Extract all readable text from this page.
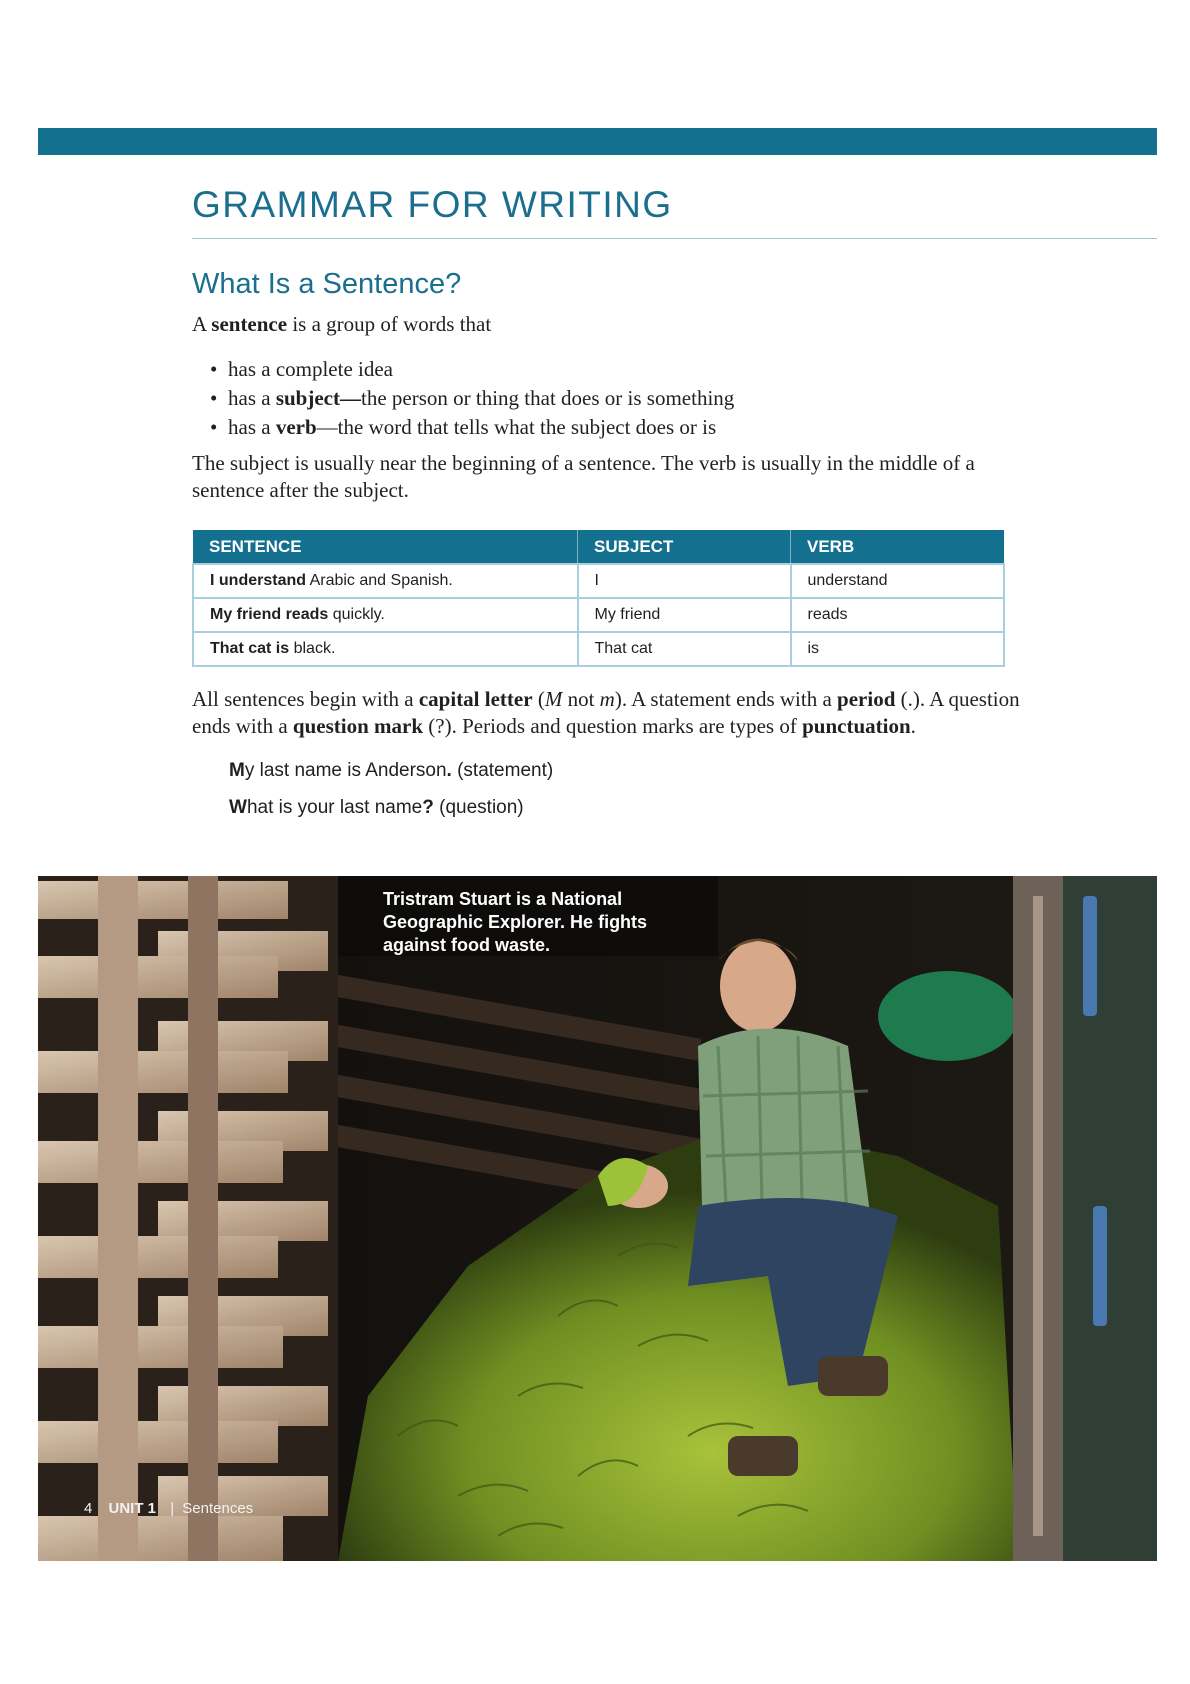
GRAMMAR FOR WRITING
What Is a Sentence?

A sentence is a group of words that

• has a complete idea
• has a subject—the person or thing that does or is something
• has a verb—the word that tells what the subject does or is

The subject is usually near the beginning of a sentence. The verb is usually in the middle of a sentence after the subject.

SENTENCE	SUBJECT	VERB
I understand Arabic and Spanish.	I	understand
My friend reads quickly.	My friend	reads
That cat is black.	That cat	is

All sentences begin with a capital letter (M not m). A statement ends with a period (.). A question ends with a question mark (?). Periods and question marks are types of punctuation.

My last name is Anderson. (statement)

What is your last name? (question)

Tristram Stuart is a National Geographic Explorer. He fights against food waste.

4 UNIT 1 | Sentences
